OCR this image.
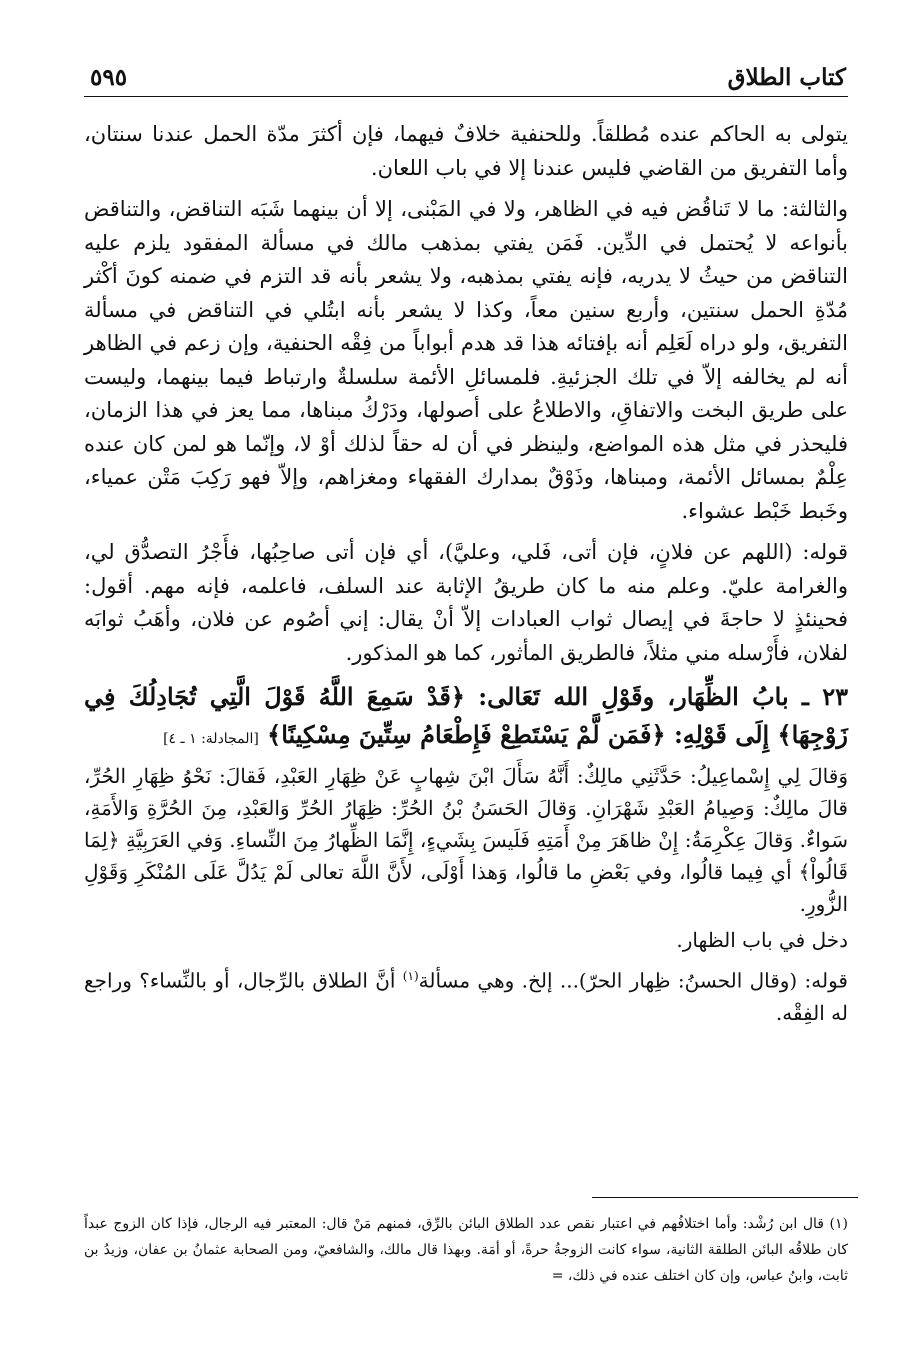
كتاب الطلاق
٥٩٥

يتولى به الحاكم عنده مُطلقاً. وللحنفية خلافٌ فيهما، فإن أكثرَ مدّة الحمل عندنا سنتان، وأما التفريق من القاضي فليس عندنا إلا في باب اللعان.

والثالثة: ما لا تَناقُض فيه في الظاهر، ولا في المَبْنى، إلا أن بينهما شَبَه التناقض، والتناقض بأنواعه لا يُحتمل في الدِّين. فَمَن يفتي بمذهب مالك في مسألة المفقود يلزم عليه التناقض من حيثُ لا يدريه، فإنه يفتي بمذهبه، ولا يشعر بأنه قد التزم في ضمنه كونَ أكْثر مُدّةِ الحمل سنتين، وأربع سنين معاً، وكذا لا يشعر بأنه ابتُلي في التناقض في مسألة التفريق، ولو دراه لَعَلِم أنه بإفتائه هذا قد هدم أبواباً من فِقْه الحنفية، وإن زعم في الظاهر أنه لم يخالفه إلاّ في تلك الجزئيةِ. فلمسائلِ الأئمة سلسلةٌ وارتباط فيما بينهما، وليست على طريق البخت والاتفاقِ، والاطلاعُ على أصولها، ودَرْكُ مبناها، مما يعز في هذا الزمان، فليحذر في مثل هذه المواضع، ولينظر في أن له حقاً لذلك أوْ لا، وإنّما هو لمن كان عنده عِلْمٌ بمسائل الأئمة، ومبناها، وذَوْقٌ بمدارك الفقهاء ومغزاهم، وإلاّ فهو رَكِبَ مَتْن عمياء، وخَبط خَبْط عشواء.

قوله: (اللهم عن فلانٍ، فإن أتى، فَلي، وعليَّ)، أي فإن أتى صاحِبُها، فأَجْرُ التصدُّق لي، والغرامة عليّ. وعلم منه ما كان طريقُ الإثابة عند السلف، فاعلمه، فإنه مهم. أقول: فحينئذٍ لا حاجةَ في إيصال ثواب العبادات إلاّ أنْ يقال: إني أصُوم عن فلان، وأهَبُ ثوابَه لفلان، فأَرْسله مني مثلاً، فالطريق المأثور، كما هو المذكور.

٢٣ ـ بابُ الظِّهَار، وقَوْلِ الله تَعَالى: ﴿قَدْ سَمِعَ اللَّهُ قَوْلَ الَّتِي تُجَادِلُكَ فِي زَوْجِهَا﴾ إِلَى قَوْلِهِ: ﴿فَمَن لَّمْ يَسْتَطِعْ فَإِطْعَامُ سِتِّينَ مِسْكِينًا﴾ [المجادلة: ١ ـ ٤]

وَقالَ لِي إِسْماعِيلُ: حَدَّثَنِي مالِكٌ: أَنَّهُ سَأَلَ ابْنَ شِهابٍ عَنْ ظِهَارِ العَبْدِ، فَقالَ: نَحْوُ ظِهَارِ الحُرِّ، قالَ مالِكٌ: وَصِيامُ العَبْدِ شَهْرَانِ. وَقالَ الحَسَنُ بْنُ الحُرِّ: ظِهَارُ الحُرِّ وَالعَبْدِ، مِنَ الحُرَّةِ وَالأَمَةِ، سَواءٌ. وَقالَ عِكْرِمَةُ: إِنْ ظاهَرَ مِنْ أَمَتِهِ فَلَيسَ بِشَيءٍ، إِنَّمَا الظِّهارُ مِنَ النِّساءِ. وَفي العَرَبِيَّةِ ﴿لِمَا قَالُواْ﴾ أي فِيما قالُوا، وفي بَعْضِ ما قالُوا، وَهذا أَوْلَى، لأَنَّ اللَّهَ تعالى لَمْ يَدُلَّ عَلَى المُنْكَرِ وَقَوْلِ الزُّورِ.

دخل في باب الظهار.

قوله: (وقال الحسنُ: ظِهار الحرّ)... إلخ. وهي مسألة$^{(١)}$ أنَّ الطلاق بالرِّجال، أو بالنِّساء؟ وراجع له الفِقْه.

(١) قال ابن رُشْد: وأما اختلافُهم في اعتبار نقص عدد الطلاق البائن بالرِّق، فمنهم مَنْ قال: المعتبر فيه الرجال، فإذا كان الزوج عبداً كان طلاقُه البائن الطلقة الثانية، سواء كانت الزوجةُ حرةً، أو أمَة. وبهذا قال مالك، والشافعيّ، ومن الصحابة عثمانُ بن عفان، وزيدُ بن ثابت، وابنُ عباس، وإن كان اختلف عنده في ذلك، =
